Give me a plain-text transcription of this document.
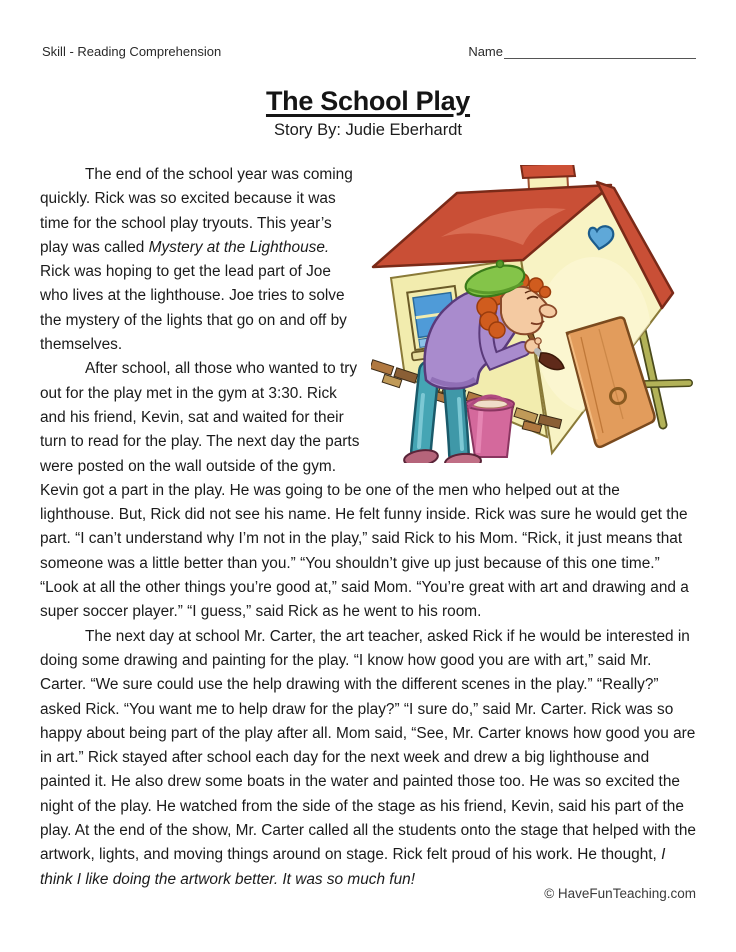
Skill - Reading Comprehension	Name
The School Play
Story By: Judie Eberhardt

The end of the school year was coming quickly. Rick was so excited because it was time for the school play tryouts. This year’s play was called Mystery at the Lighthouse. Rick was hoping to get the lead part of Joe who lives at the lighthouse. Joe tries to solve the mystery of the lights that go on and off by themselves.

After school, all those who wanted to try out for the play met in the gym at 3:30. Rick and his friend, Kevin, sat and waited for their turn to read for the play. The next day the parts were posted on the wall outside of the gym. Kevin got a part in the play. He was going to be one of the men who helped out at the lighthouse. But, Rick did not see his name. He felt funny inside. Rick was sure he would get the part. “I can’t understand why I’m not in the play,” said Rick to his Mom. “Rick, it just means that someone was a little better than you.” “You shouldn’t give up just because of this one time.” “Look at all the other things you’re good at,” said Mom. “You’re great with art and drawing and a super soccer player.” “I guess,” said Rick as he went to his room.

The next day at school Mr. Carter, the art teacher, asked Rick if he would be interested in doing some drawing and painting for the play. “I know how good you are with art,” said Mr. Carter. “We sure could use the help drawing with the different scenes in the play.” “Really?” asked Rick. “You want me to help draw for the play?” “I sure do,” said Mr. Carter. Rick was so happy about being part of the play after all. Mom said, “See, Mr. Carter knows how good you are in art.” Rick stayed after school each day for the next week and drew a big lighthouse and painted it. He also drew some boats in the water and painted those too. He was so excited the night of the play. He watched from the side of the stage as his friend, Kevin, said his part of the play. At the end of the show, Mr. Carter called all the students onto the stage that helped with the artwork, lights, and moving things around on stage. Rick felt proud of his work. He thought, I think I like doing the artwork better. It was so much fun!

© HaveFunTeaching.com
